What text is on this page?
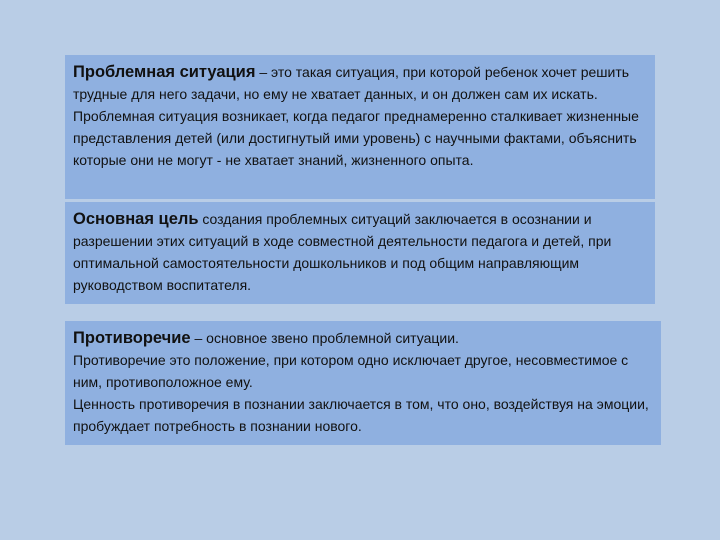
Проблемная ситуация – это такая ситуация, при которой ребенок хочет решить трудные для него задачи, но ему не хватает данных, и он должен сам их искать. Проблемная ситуация возникает, когда педагог преднамеренно сталкивает жизненные представления детей (или достигнутый ими уровень) с научными фактами, объяснить которые они не могут - не хватает знаний, жизненного опыта.

Основная цель создания проблемных ситуаций заключается в осознании и разрешении этих ситуаций в ходе совместной деятельности педагога и детей, при оптимальной самостоятельности дошкольников и под общим направляющим руководством воспитателя.

Противоречие – основное звено проблемной ситуации.

Противоречие это положение, при котором одно исключает другое, несовместимое с ним, противоположное ему.

Ценность противоречия в познании заключается в том, что оно, воздействуя на эмоции, пробуждает потребность в познании нового.
